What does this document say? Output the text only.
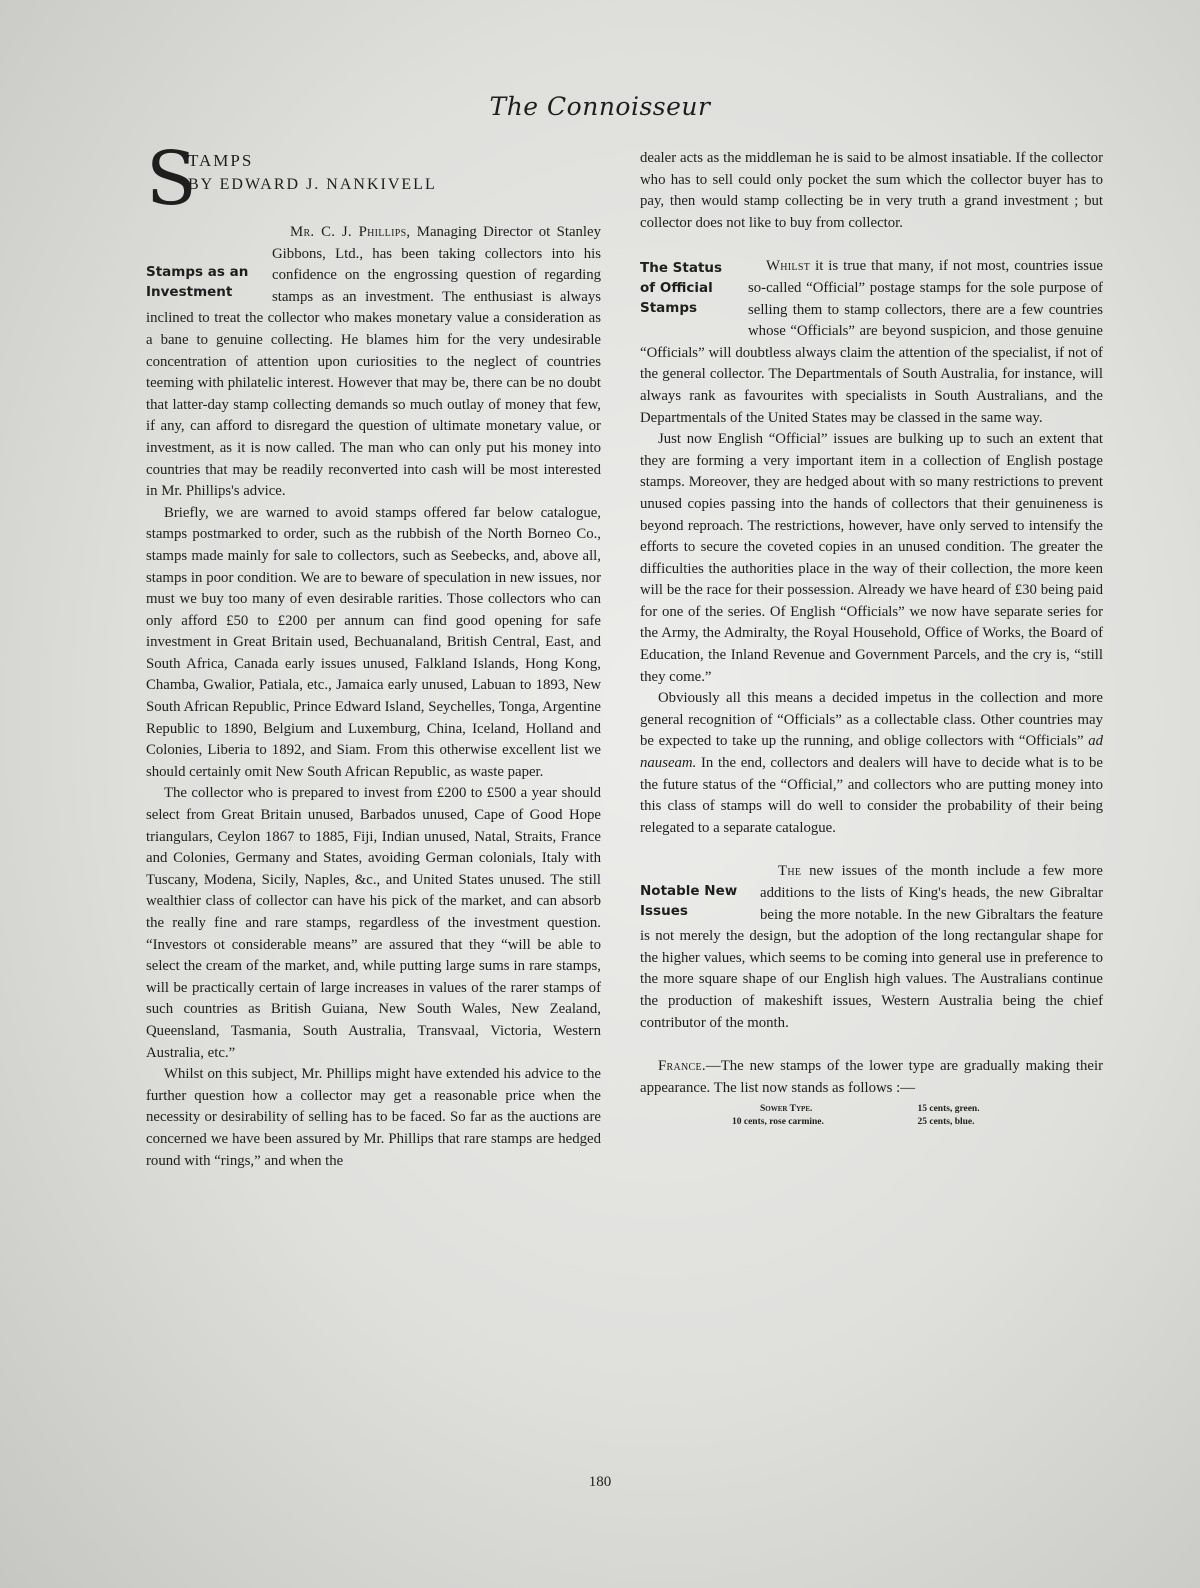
The Connoisseur
S
TAMPS
BY EDWARD J. NANKIVELL
Stamps as an Investment

Mr. C. J. Phillips, Managing Director ot Stanley Gibbons, Ltd., has been taking collectors into his confidence on the engrossing question of regarding stamps as an investment. The enthusiast is always inclined to treat the collector who makes monetary value a consideration as a bane to genuine collecting. He blames him for the very undesirable concentration of attention upon curiosities to the neglect of countries teeming with philatelic interest. However that may be, there can be no doubt that latter-day stamp collecting demands so much outlay of money that few, if any, can afford to disregard the question of ultimate monetary value, or investment, as it is now called. The man who can only put his money into countries that may be readily reconverted into cash will be most interested in Mr. Phillips's advice.

Briefly, we are warned to avoid stamps offered far below catalogue, stamps postmarked to order, such as the rubbish of the North Borneo Co., stamps made mainly for sale to collectors, such as Seebecks, and, above all, stamps in poor condition. We are to beware of speculation in new issues, nor must we buy too many of even desirable rarities. Those collectors who can only afford £50 to £200 per annum can find good opening for safe investment in Great Britain used, Bechuanaland, British Central, East, and South Africa, Canada early issues unused, Falkland Islands, Hong Kong, Chamba, Gwalior, Patiala, etc., Jamaica early unused, Labuan to 1893, New South African Republic, Prince Edward Island, Seychelles, Tonga, Argentine Republic to 1890, Belgium and Luxemburg, China, Iceland, Holland and Colonies, Liberia to 1892, and Siam. From this otherwise excellent list we should certainly omit New South African Republic, as waste paper.

The collector who is prepared to invest from £200 to £500 a year should select from Great Britain unused, Barbados unused, Cape of Good Hope triangulars, Ceylon 1867 to 1885, Fiji, Indian unused, Natal, Straits, France and Colonies, Germany and States, avoiding German colonials, Italy with Tuscany, Modena, Sicily, Naples, &c., and United States unused. The still wealthier class of collector can have his pick of the market, and can absorb the really fine and rare stamps, regardless of the investment question. “Investors ot considerable means” are assured that they “will be able to select the cream of the market, and, while putting large sums in rare stamps, will be practically certain of large increases in values of the rarer stamps of such countries as British Guiana, New South Wales, New Zealand, Queensland, Tasmania, South Australia, Transvaal, Victoria, Western Australia, etc.”

Whilst on this subject, Mr. Phillips might have extended his advice to the further question how a collector may get a reasonable price when the necessity or desirability of selling has to be faced. So far as the auctions are concerned we have been assured by Mr. Phillips that rare stamps are hedged round with “rings,” and when the

dealer acts as the middleman he is said to be almost insatiable. If the collector who has to sell could only pocket the sum which the collector buyer has to pay, then would stamp collecting be in very truth a grand investment ; but collector does not like to buy from collector.

The Status of Official Stamps

Whilst it is true that many, if not most, countries issue so-called “Official” postage stamps for the sole purpose of selling them to stamp collectors, there are a few countries whose “Officials” are beyond suspicion, and those genuine “Officials” will doubtless always claim the attention of the specialist, if not of the general collector. The Departmentals of South Australia, for instance, will always rank as favourites with specialists in South Australians, and the Departmentals of the United States may be classed in the same way.

Just now English “Official” issues are bulking up to such an extent that they are forming a very important item in a collection of English postage stamps. Moreover, they are hedged about with so many restrictions to prevent unused copies passing into the hands of collectors that their genuineness is beyond reproach. The restrictions, however, have only served to intensify the efforts to secure the coveted copies in an unused condition. The greater the difficulties the authorities place in the way of their collection, the more keen will be the race for their possession. Already we have heard of £30 being paid for one of the series. Of English “Officials” we now have separate series for the Army, the Admiralty, the Royal Household, Office of Works, the Board of Education, the Inland Revenue and Government Parcels, and the cry is, “still they come.”

Obviously all this means a decided impetus in the collection and more general recognition of “Officials” as a collectable class. Other countries may be expected to take up the running, and oblige collectors with “Officials” ad nauseam. In the end, collectors and dealers will have to decide what is to be the future status of the “Official,” and collectors who are putting money into this class of stamps will do well to consider the probability of their being relegated to a separate catalogue.

Notable New Issues

The new issues of the month include a few more additions to the lists of King's heads, the new Gibraltar being the more notable. In the new Gibraltars the feature is not merely the design, but the adoption of the long rectangular shape for the higher values, which seems to be coming into general use in preference to the more square shape of our English high values. The Australians continue the production of makeshift issues, Western Australia being the chief contributor of the month.

France.—The new stamps of the lower type are gradually making their appearance. The list now stands as follows :—

Sower Type.	15 cents, green.
10 cents, rose carmine.	25 cents, blue.
180
